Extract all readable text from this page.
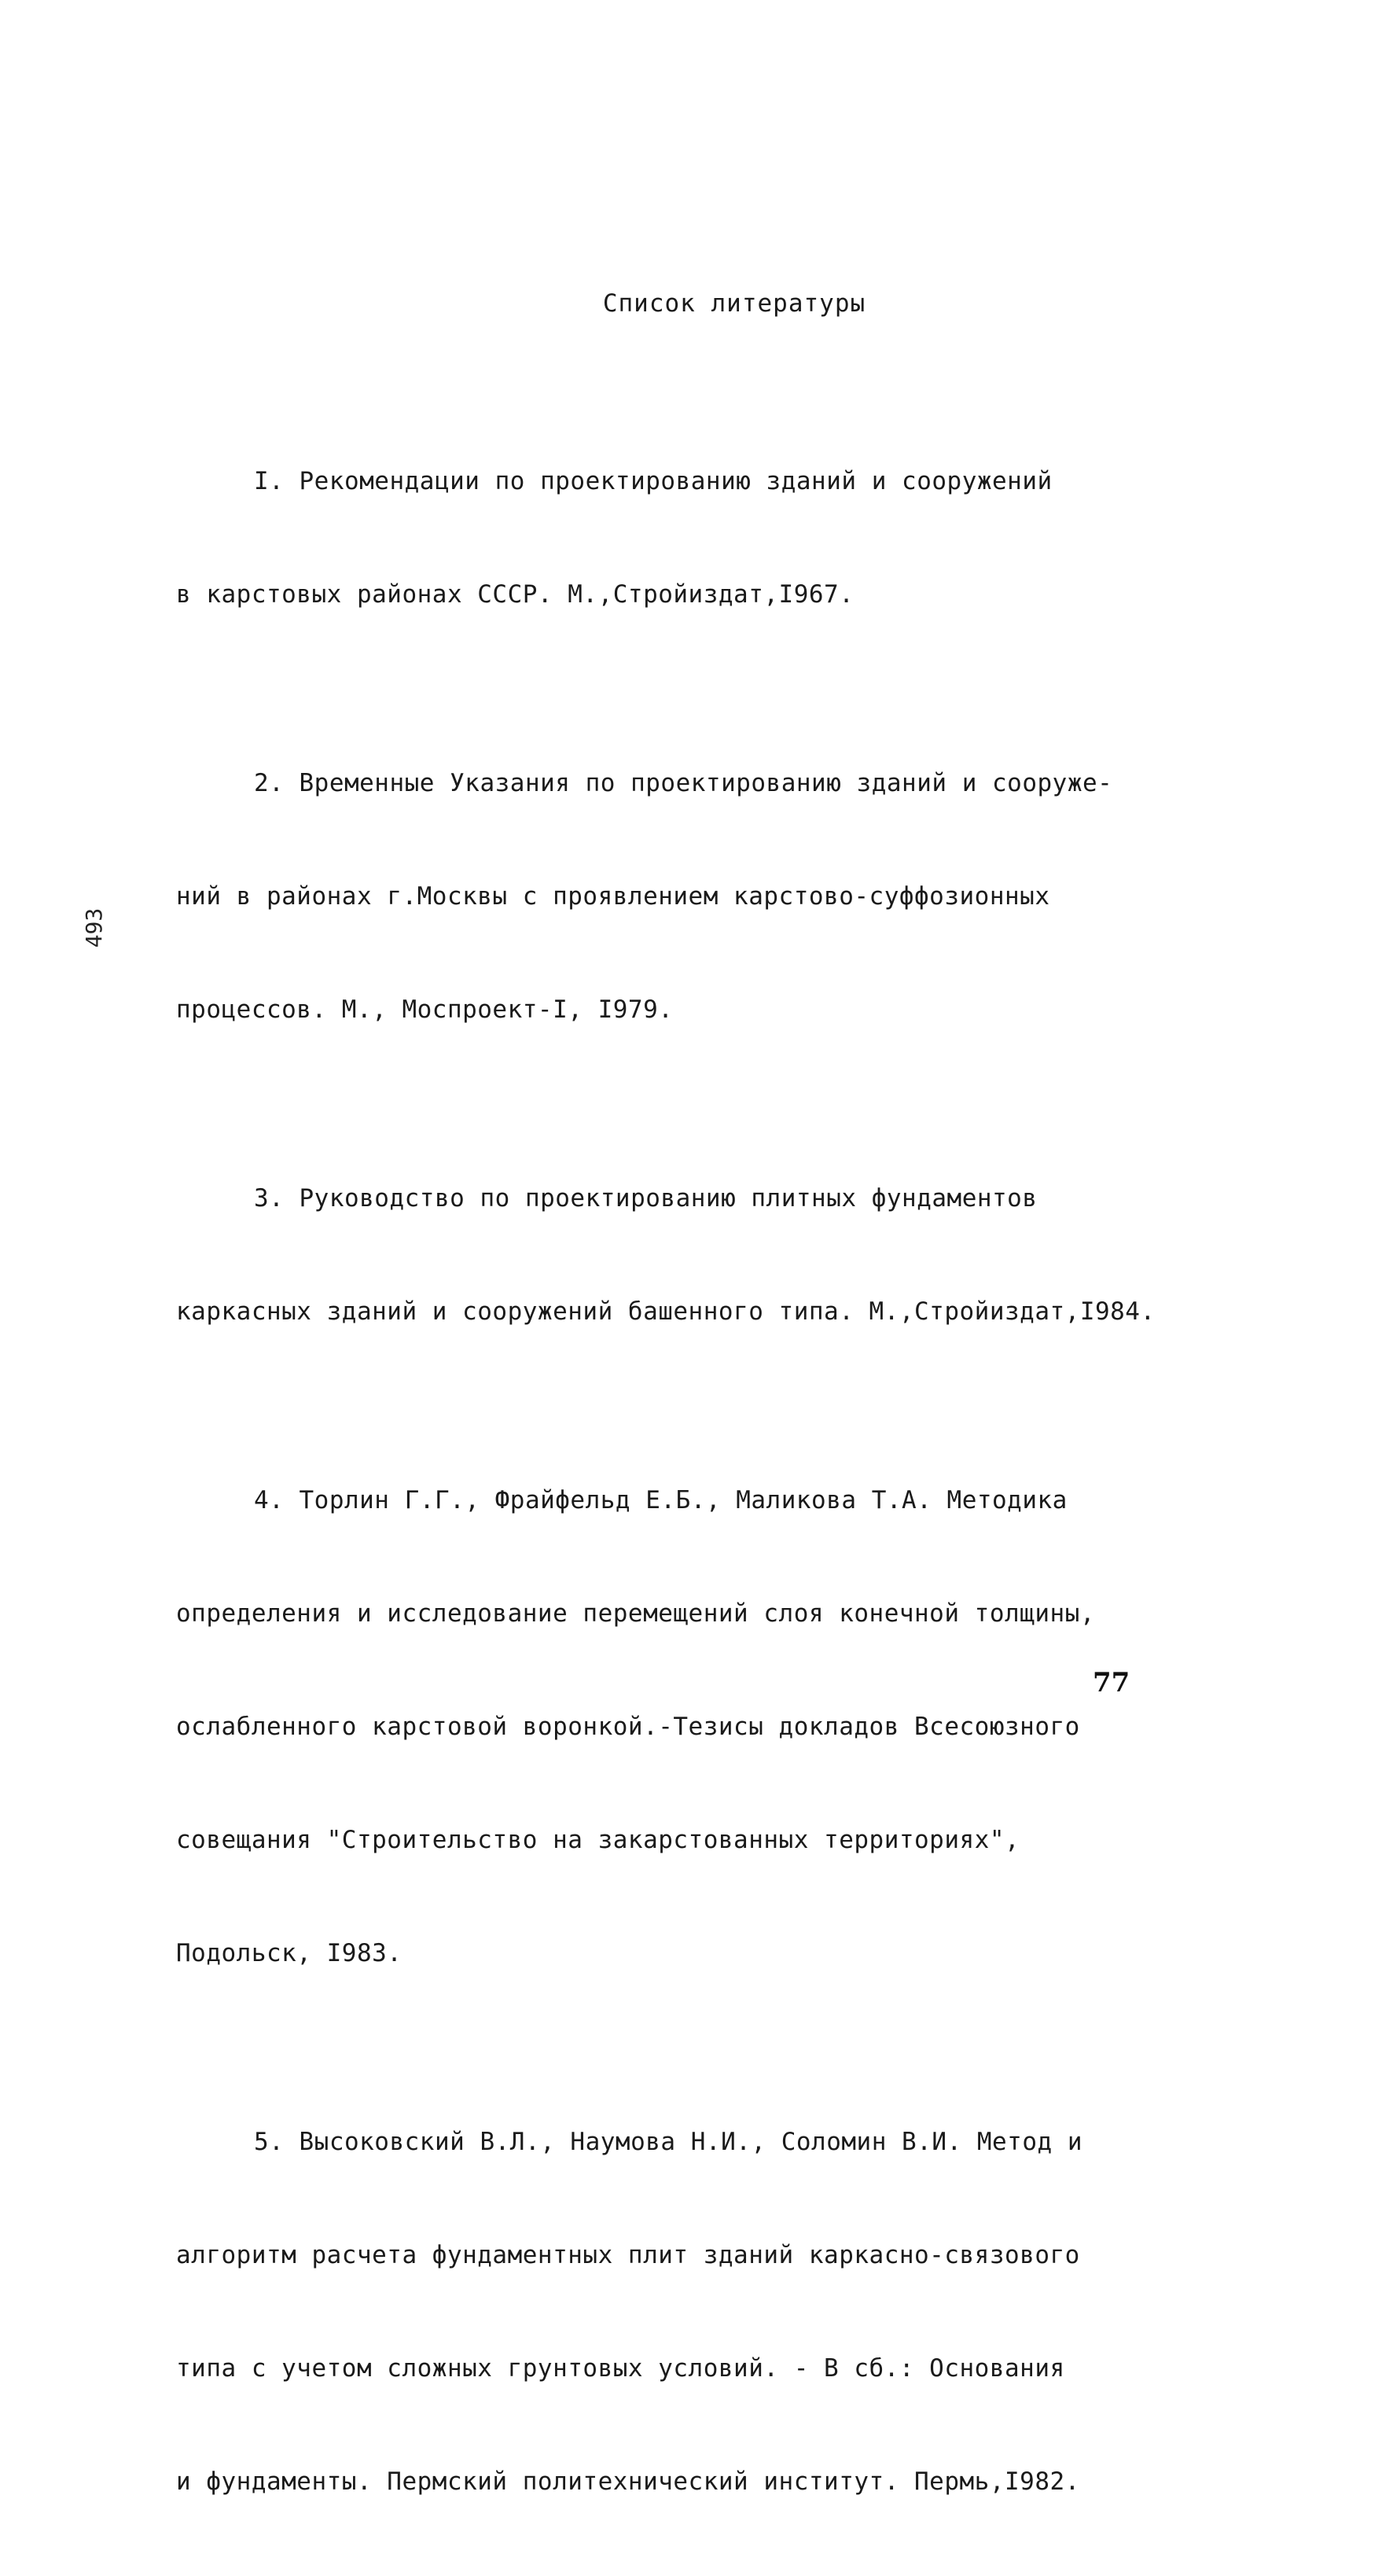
Список литературы

I. Рекомендации по проектированию зданий и сооружений

в карстовых районах СССР. М.,Стройиздат,I967.

2. Временные Указания по проектированию зданий и сооруже-

ний в районах г.Москвы с проявлением карстово-суффозионных

процессов. М., Моспроект-I, I979.

3. Руководство по проектированию плитных фундаментов

каркасных зданий и сооружений башенного типа. М.,Стройиздат,I984.

4. Торлин Г.Г., Фрайфельд Е.Б., Маликова Т.А. Методика

определения и исследование перемещений слоя конечной толщины,

ослабленного карстовой воронкой.-Тезисы докладов Всесоюзного

совещания "Строительство на закарстованных территориях",

Подольск, I983.

5. Высоковский В.Л., Наумова Н.И., Соломин В.И. Метод и

алгоритм расчета фундаментных плит зданий каркасно-связового

типа с учетом сложных грунтовых условий. - В сб.: Основания

и фундаменты. Пермский политехнический институт. Пермь,I982.

493
77
